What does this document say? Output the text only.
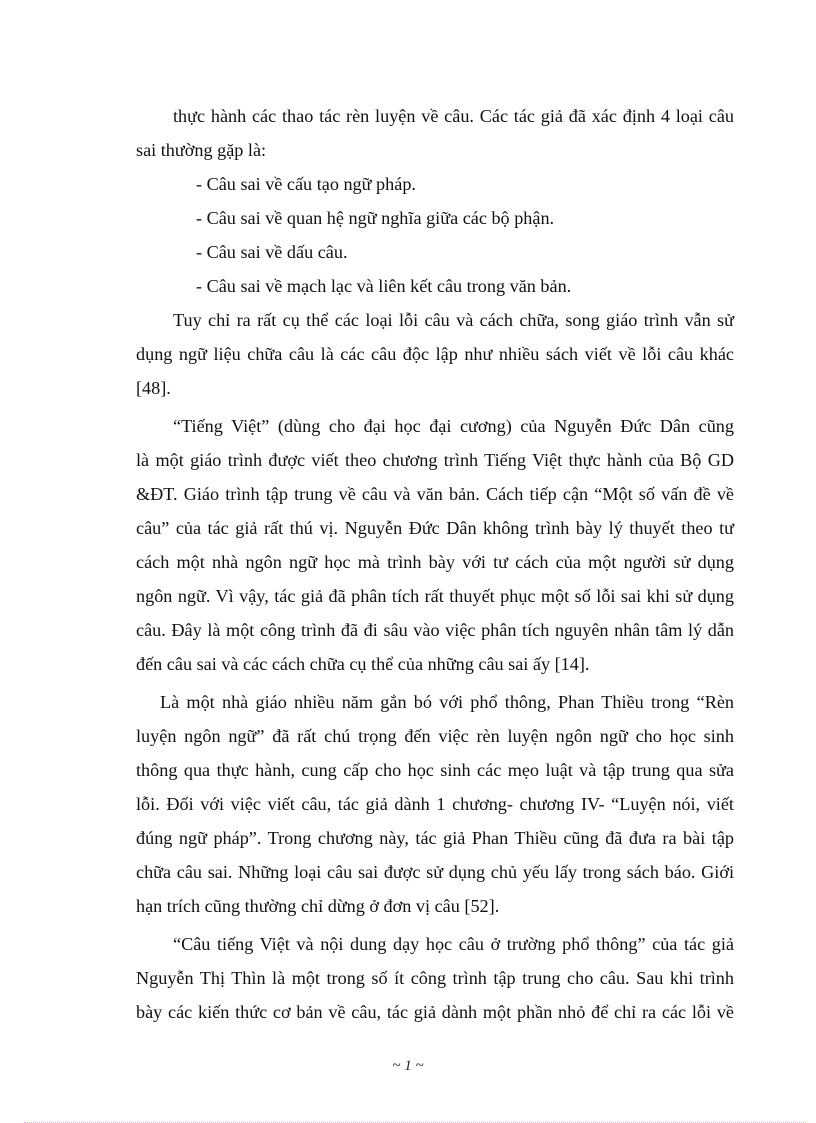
thực hành các thao tác rèn luyện về câu. Các tác giả đã xác định 4 loại câu
sai thường gặp là:
- Câu sai về cấu tạo ngữ pháp.
- Câu sai về quan hệ ngữ nghĩa giữa các bộ phận.
- Câu sai về dấu câu.
- Câu sai về mạch lạc và liên kết câu trong văn bản.
Tuy chỉ ra rất cụ thể các loại lỗi câu và cách chữa, song giáo trình vẫn sử
dụng ngữ liệu chữa câu là các câu độc lập như nhiều sách viết về lỗi câu khác
[48].
“Tiếng Việt” (dùng cho đại học đại cương) của Nguyễn Đức Dân cũng
là một giáo trình được viết theo chương trình Tiếng Việt thực hành của Bộ GD
&ĐT. Giáo trình tập trung về câu và văn bản. Cách tiếp cận “Một số vấn đề về
câu” của tác giả rất thú vị. Nguyễn Đức Dân không trình bày lý thuyết theo tư
cách một nhà ngôn ngữ học mà trình bày với tư cách của một người sử dụng
ngôn ngữ. Vì vậy, tác giả đã phân tích rất thuyết phục một số lỗi sai khi sử dụng
câu. Đây là một công trình đã đi sâu vào việc phân tích nguyên nhân tâm lý dẫn
đến câu sai và các cách chữa cụ thể của những câu sai ấy [14].
Là một nhà giáo nhiều năm gắn bó với phổ thông, Phan Thiều trong “Rèn
luyện ngôn ngữ” đã rất chú trọng đến việc rèn luyện ngôn ngữ cho học sinh
thông qua thực hành, cung cấp cho học sinh các mẹo luật và tập trung qua sửa
lỗi. Đối với việc viết câu, tác giả dành 1 chương- chương IV- “Luyện nói, viết
đúng ngữ pháp”. Trong chương này, tác giả Phan Thiều cũng đã đưa ra bài tập
chữa câu sai. Những loại câu sai được sử dụng chủ yếu lấy trong sách báo. Giới
hạn trích cũng thường chỉ dừng ở đơn vị câu [52].
“Câu tiếng Việt và nội dung dạy học câu ở trường phổ thông” của tác giả
Nguyễn Thị Thìn là một trong số ít công trình tập trung cho câu. Sau khi trình
bày các kiến thức cơ bản về câu, tác giả dành một phần nhỏ để chỉ ra các lỗi về
~ 1 ~
